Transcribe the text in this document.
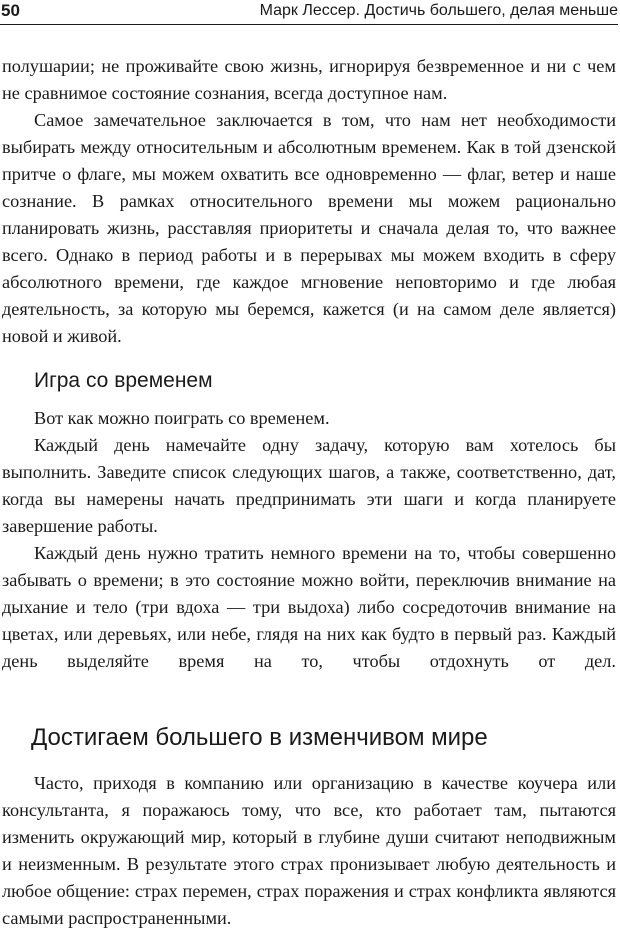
50	Марк Лессер. Достичь большего, делая меньше

полушарии; не проживайте свою жизнь, игнорируя безвременное и ни с чем не сравнимое состояние сознания, всегда доступное нам.

Самое замечательное заключается в том, что нам нет необходимости выбирать между относительным и абсолютным временем. Как в той дзенской притче о флаге, мы можем охватить все одновременно — флаг, ветер и наше сознание. В рамках относительного времени мы можем рационально планировать жизнь, расставляя приоритеты и сначала делая то, что важнее всего. Однако в период работы и в перерывах мы можем входить в сферу абсолютного времени, где каждое мгновение неповторимо и где любая деятельность, за которую мы беремся, кажется (и на самом деле является) новой и живой.

Игра со временем

Вот как можно поиграть со временем.

Каждый день намечайте одну задачу, которую вам хотелось бы выполнить. Заведите список следующих шагов, а также, соответственно, дат, когда вы намерены начать предпринимать эти шаги и когда планируете завершение работы.

Каждый день нужно тратить немного времени на то, чтобы совершенно забывать о времени; в это состояние можно войти, переключив внимание на дыхание и тело (три вдоха — три выдоха) либо сосредоточив внимание на цветах, или деревьях, или небе, глядя на них как будто в первый раз. Каждый день выделяйте время на то, чтобы отдохнуть от дел.

Достигаем большего в изменчивом мире

Часто, приходя в компанию или организацию в качестве коучера или консультанта, я поражаюсь тому, что все, кто работает там, пытаются изменить окружающий мир, который в глубине души считают неподвижным и неизменным. В результате этого страх пронизывает любую деятельность и любое общение: страх перемен, страх поражения и страх конфликта являются самыми распространенными.
